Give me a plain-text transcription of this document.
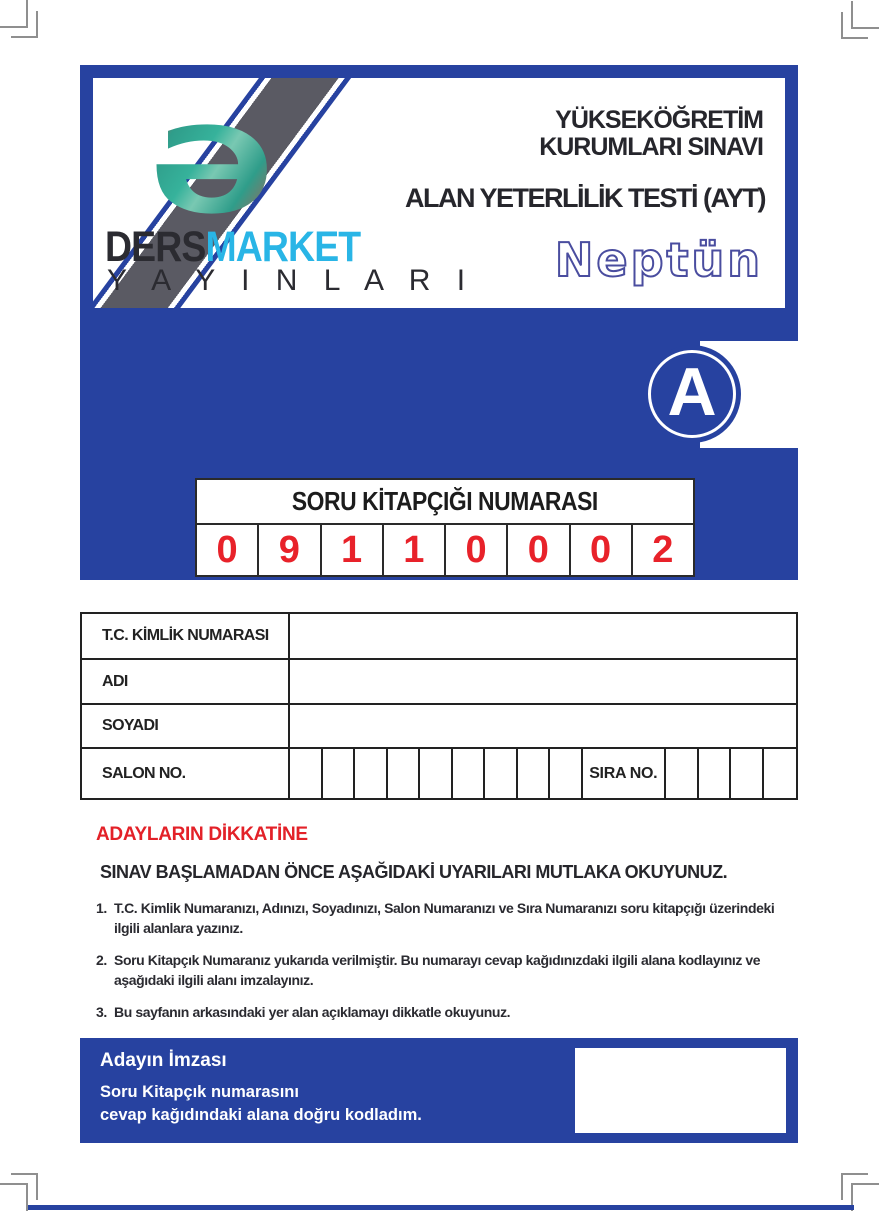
Ə
DERSMARKET
Y A Y I N L A R I
YÜKSEKÖĞRETİM
KURUMLARI SINAVI
ALAN YETERLİLİK TESTİ (AYT)
Neptün
A
SORU KİTAPÇIĞI NUMARASI
0	9	1	1	0	0	0	2
T.C. KİMLİK NUMARASI
ADI
SOYADI
SALON NO.	SIRA NO.
ADAYLARIN DİKKATİNE
SINAV BAŞLAMADAN ÖNCE AŞAĞIDAKİ UYARILARI MUTLAKA OKUYUNUZ.
1. T.C. Kimlik Numaranızı, Adınızı, Soyadınızı, Salon Numaranızı ve Sıra Numaranızı soru kitapçığı üzerindeki ilgili alanlara yazınız.
2. Soru Kitapçık Numaranız yukarıda verilmiştir. Bu numarayı cevap kağıdınızdaki ilgili alana kodlayınız ve aşağıdaki ilgili alanı imzalayınız.
3. Bu sayfanın arkasındaki yer alan açıklamayı dikkatle okuyunuz.
Adayın İmzası
Soru Kitapçık numarasını
cevap kağıdındaki alana doğru kodladım.
